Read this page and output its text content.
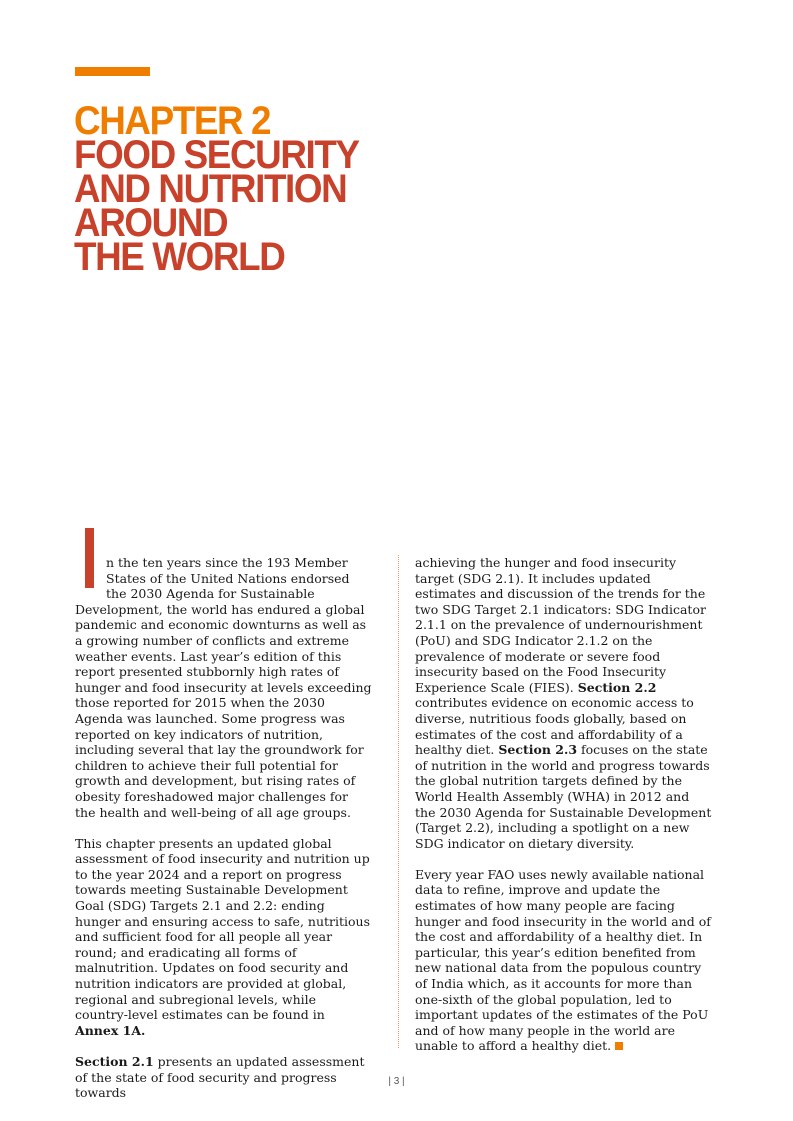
CHAPTER 2
FOOD SECURITY
AND NUTRITION
AROUND
THE WORLD

n the ten years since the 193 Member States of the United Nations endorsed the 2030 Agenda for Sustainable Development, the world has endured a global pandemic and economic downturns as well as a growing number of conflicts and extreme weather events. Last year’s edition of this report presented stubbornly high rates of hunger and food insecurity at levels exceeding those reported for 2015 when the 2030 Agenda was launched. Some progress was reported on key indicators of nutrition, including several that lay the groundwork for children to achieve their full potential for growth and development, but rising rates of obesity foreshadowed major challenges for the health and well-being of all age groups.

This chapter presents an updated global assessment of food insecurity and nutrition up to the year 2024 and a report on progress towards meeting Sustainable Development Goal (SDG) Targets 2.1 and 2.2: ending hunger and ensuring access to safe, nutritious and sufficient food for all people all year round; and eradicating all forms of malnutrition. Updates on food security and nutrition indicators are provided at global, regional and subregional levels, while country-level estimates can be found in Annex 1A.

Section 2.1 presents an updated assessment of the state of food security and progress towards

achieving the hunger and food insecurity target (SDG 2.1). It includes updated estimates and discussion of the trends for the two SDG Target 2.1 indicators: SDG Indicator 2.1.1 on the prevalence of undernourishment (PoU) and SDG Indicator 2.1.2 on the prevalence of moderate or severe food insecurity based on the Food Insecurity Experience Scale (FIES). Section 2.2 contributes evidence on economic access to diverse, nutritious foods globally, based on estimates of the cost and affordability of a healthy diet. Section 2.3 focuses on the state of nutrition in the world and progress towards the global nutrition targets defined by the World Health Assembly (WHA) in 2012 and the 2030 Agenda for Sustainable Development (Target 2.2), including a spotlight on a new SDG indicator on dietary diversity.

Every year FAO uses newly available national data to refine, improve and update the estimates of how many people are facing hunger and food insecurity in the world and of the cost and affordability of a healthy diet. In particular, this year’s edition benefited from new national data from the populous country of India which, as it accounts for more than one-sixth of the global population, led to important updates of the estimates of the PoU and of how many people in the world are unable to afford a healthy diet.

| 3 |
